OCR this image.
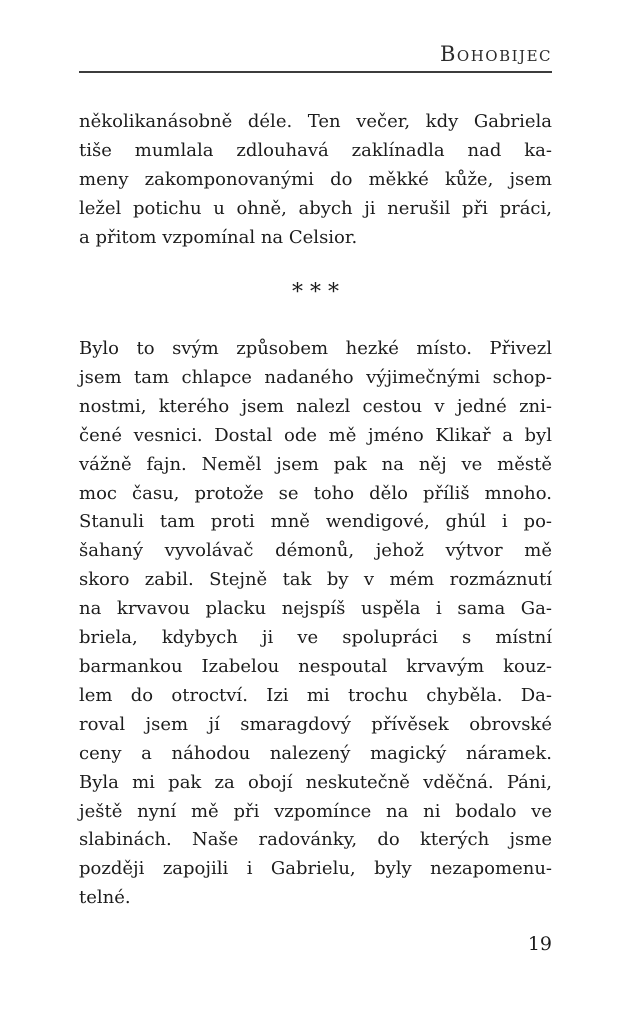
Bohobijec
několikanásobně déle. Ten večer, kdy Gabriela
tiše mumlala zdlouhavá zaklínadla nad ka-
meny zakomponovanými do měkké kůže, jsem
ležel potichu u ohně, abych ji nerušil při práci,
a přitom vzpomínal na Celsior.
***
Bylo to svým způsobem hezké místo. Přivezl
jsem tam chlapce nadaného výjimečnými schop-
nostmi, kterého jsem nalezl cestou v jedné zni-
čené vesnici. Dostal ode mě jméno Klikař a byl
vážně fajn. Neměl jsem pak na něj ve městě
moc času, protože se toho dělo příliš mnoho.
Stanuli tam proti mně wendigové, ghúl i po-
šahaný vyvolávač démonů, jehož výtvor mě
skoro zabil. Stejně tak by v mém rozmáznutí
na krvavou placku nejspíš uspěla i sama Ga-
briela, kdybych ji ve spolupráci s místní
barmankou Izabelou nespoutal krvavým kouz-
lem do otroctví. Izi mi trochu chyběla. Da-
roval jsem jí smaragdový přívěsek obrovské
ceny a náhodou nalezený magický náramek.
Byla mi pak za obojí neskutečně vděčná. Páni,
ještě nyní mě při vzpomínce na ni bodalo ve
slabinách. Naše radovánky, do kterých jsme
později zapojili i Gabrielu, byly nezapomenu-
telné.
19
